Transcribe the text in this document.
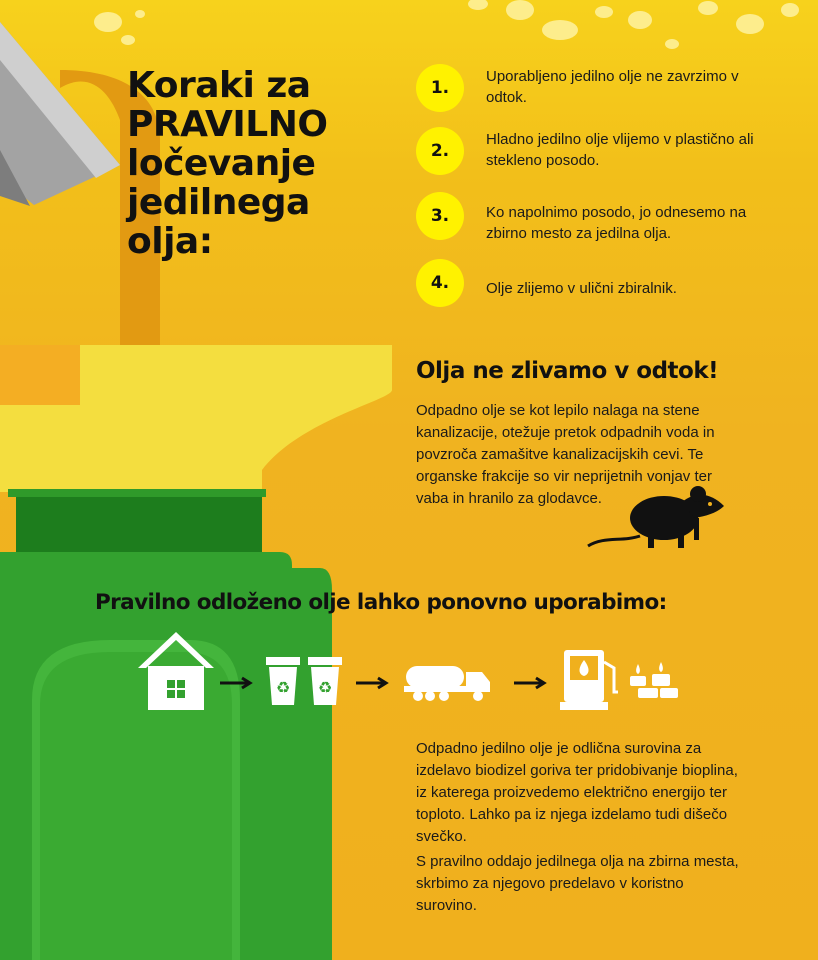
Koraki za
PRAVILNO
ločevanje
jedilnega
olja:
1.
Uporabljeno jedilno olje ne zavrzimo v odtok.
2.
Hladno jedilno olje vlijemo v plastično ali stekleno posodo.
3.	Ko napolnimo posodo, jo odnesemo na zbirno mesto za jedilna olja.
4.	Olje zlijemo v ulični zbiralnik.
Olja ne zlivamo v odtok!
Odpadno olje se kot lepilo nalaga na stene kanalizacije, otežuje pretok odpadnih voda in povzroča zamašitve kanalizacijskih cevi. Te organske frakcije so vir neprijetnih vonjav ter vaba in hranilo za glodavce.
Pravilno odloženo olje lahko ponovno uporabimo:
♻ ♻
Odpadno jedilno olje je odlična surovina za izdelavo biodizel goriva ter pridobivanje bioplina, iz katerega proizvedemo električno energijo ter toploto. Lahko pa iz njega izdelamo tudi dišečo svečko.
S pravilno oddajo jedilnega olja na zbirna mesta, skrbimo za njegovo predelavo v koristno surovino.
